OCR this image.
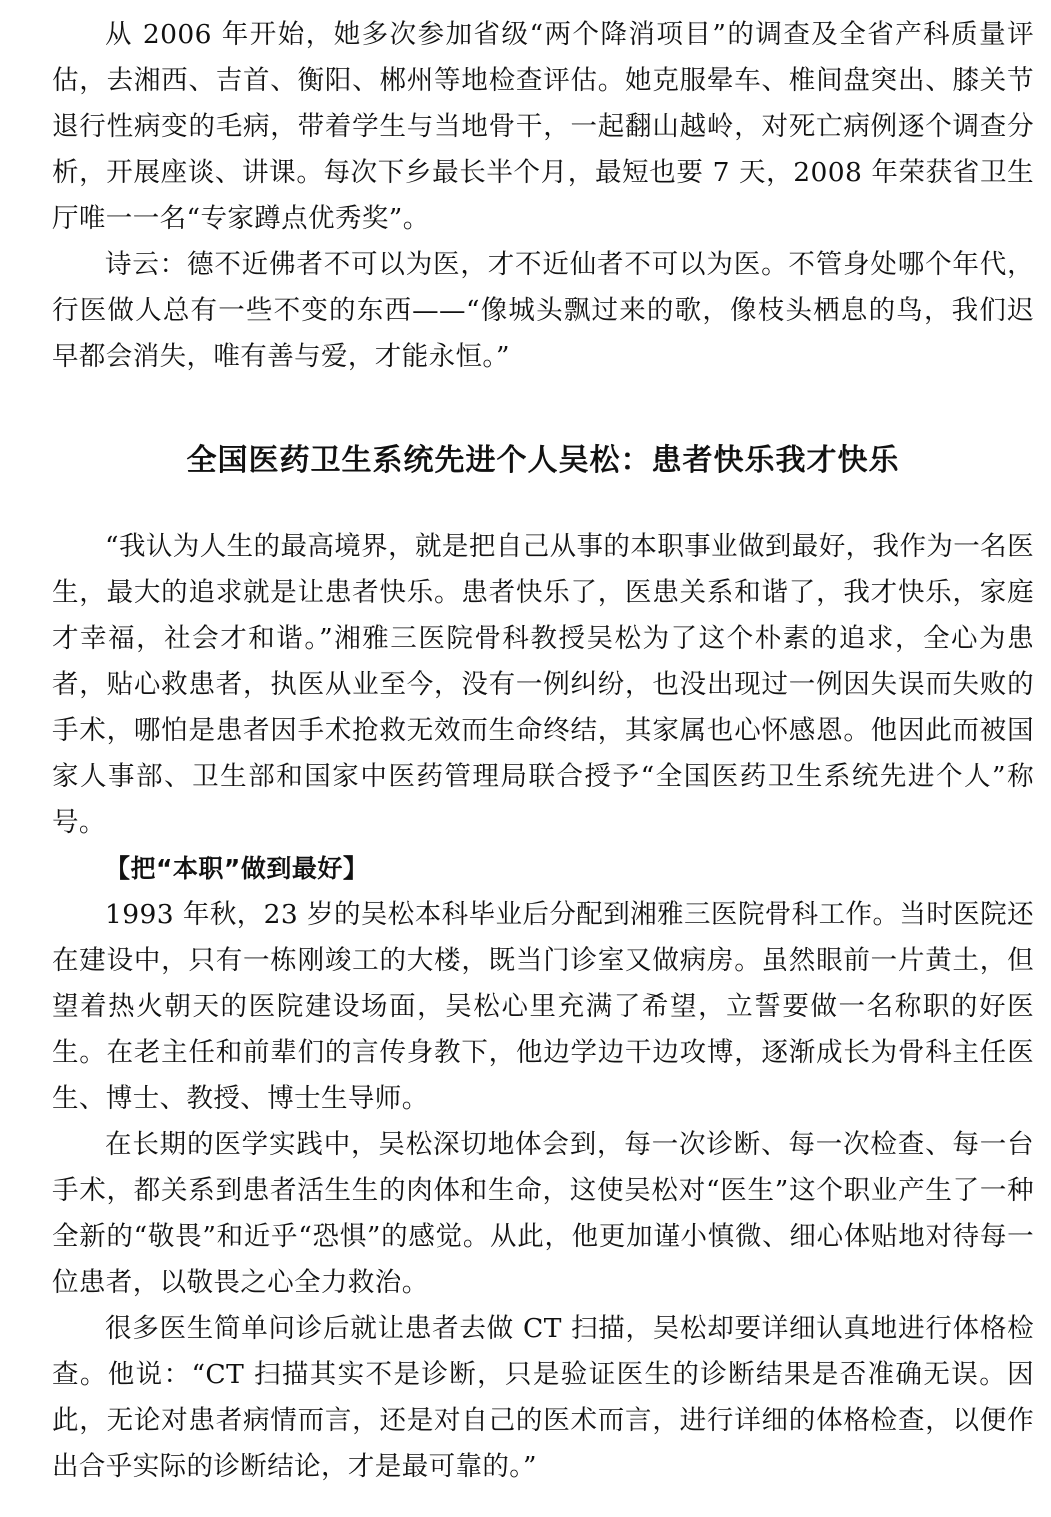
从 2006 年开始，她多次参加省级“两个降消项目”的调查及全省产科质量评估，去湘西、吉首、衡阳、郴州等地检查评估。她克服晕车、椎间盘突出、膝关节退行性病变的毛病，带着学生与当地骨干，一起翻山越岭，对死亡病例逐个调查分析，开展座谈、讲课。每次下乡最长半个月，最短也要 7 天，2008 年荣获省卫生厅唯一一名“专家蹲点优秀奖”。

诗云：德不近佛者不可以为医，才不近仙者不可以为医。不管身处哪个年代，行医做人总有一些不变的东西——“像城头飘过来的歌，像枝头栖息的鸟，我们迟早都会消失，唯有善与爱，才能永恒。”

全国医药卫生系统先进个人吴松：患者快乐我才快乐

“我认为人生的最高境界，就是把自己从事的本职事业做到最好，我作为一名医生，最大的追求就是让患者快乐。患者快乐了，医患关系和谐了，我才快乐，家庭才幸福，社会才和谐。”湘雅三医院骨科教授吴松为了这个朴素的追求，全心为患者，贴心救患者，执医从业至今，没有一例纠纷，也没出现过一例因失误而失败的手术，哪怕是患者因手术抢救无效而生命终结，其家属也心怀感恩。他因此而被国家人事部、卫生部和国家中医药管理局联合授予“全国医药卫生系统先进个人”称号。

【把“本职”做到最好】

1993 年秋，23 岁的吴松本科毕业后分配到湘雅三医院骨科工作。当时医院还在建设中，只有一栋刚竣工的大楼，既当门诊室又做病房。虽然眼前一片黄土，但望着热火朝天的医院建设场面，吴松心里充满了希望，立誓要做一名称职的好医生。在老主任和前辈们的言传身教下，他边学边干边攻博，逐渐成长为骨科主任医生、博士、教授、博士生导师。

在长期的医学实践中，吴松深切地体会到，每一次诊断、每一次检查、每一台手术，都关系到患者活生生的肉体和生命，这使吴松对“医生”这个职业产生了一种全新的“敬畏”和近乎“恐惧”的感觉。从此，他更加谨小慎微、细心体贴地对待每一位患者，以敬畏之心全力救治。

很多医生简单问诊后就让患者去做 CT 扫描，吴松却要详细认真地进行体格检查。他说：“CT 扫描其实不是诊断，只是验证医生的诊断结果是否准确无误。因此，无论对患者病情而言，还是对自己的医术而言，进行详细的体格检查，以便作出合乎实际的诊断结论，才是最可靠的。”
